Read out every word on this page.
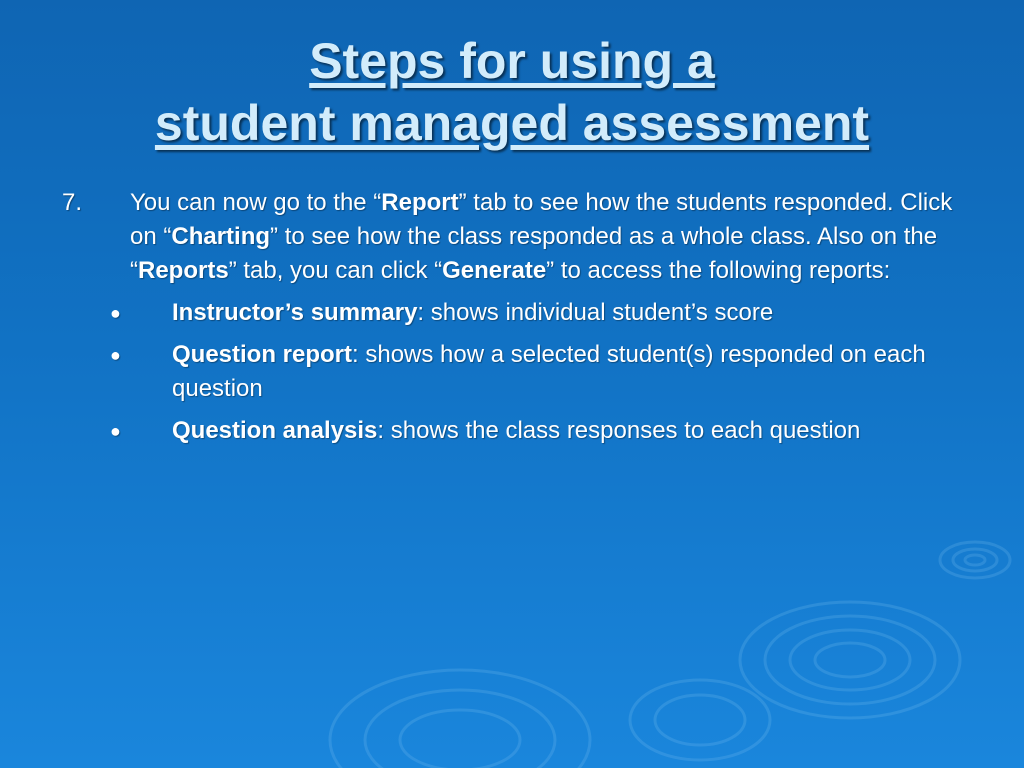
Steps for using a
student managed assessment
7. You can now go to the “Report” tab to see how the students responded. Click on “Charting” to see how the class responded as a whole class. Also on the “Reports” tab, you can click “Generate” to access the following reports:

● Instructor’s summary: shows individual student’s score
● Question report: shows how a selected student(s) responded on each question
● Question analysis: shows the class responses to each question
